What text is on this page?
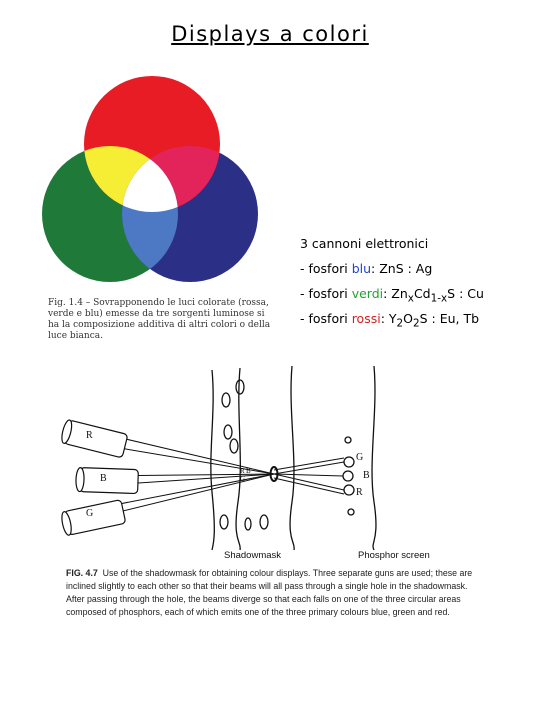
Displays a colori
Fig. 1.4 – Sovrapponendo le luci colorate (rossa, verde e blu) emesse da tre sorgenti luminose si ha la composizione additiva di altri colori o della luce bianca.
3 cannoni elettronici
- fosfori blu: ZnS : Ag
- fosfori verdi: $Zn_xCd_{1-x}S$ : Cu
- fosfori rossi: $Y_2O_2S$ : Eu, Tb
R
B
G
R B
G
G
B
R
Shadowmask	Phosphor screen
FIG. 4.7 Use of the shadowmask for obtaining colour displays. Three separate guns are used; these are inclined slightly to each other so that their beams will all pass through a single hole in the shadowmask. After passing through the hole, the beams diverge so that each falls on one of the three circular areas composed of phosphors, each of which emits one of the three primary colours blue, green and red.
